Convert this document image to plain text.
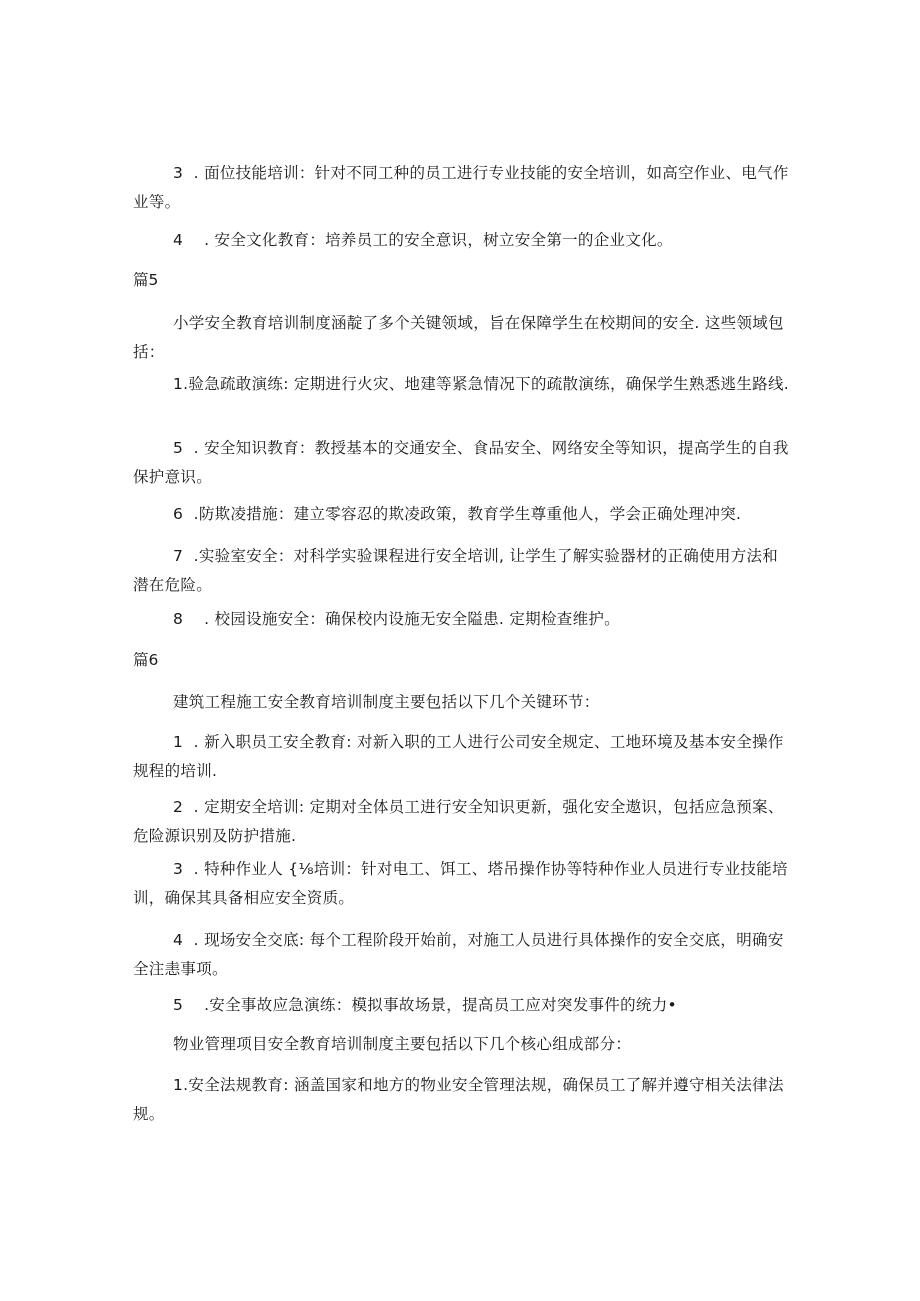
3  . 面位技能培训：针对不同工种的员工进行专业技能的安全培训，如高空作业、电气作业等。

4    . 安全文化教育：培养员工的安全意识，树立安全第一的企业文化。

篇5

小学安全教育培训制度涵靛了多个关键领域，旨在保障学生在校期间的安全. 这些领域包括：

1.验急疏敢演练: 定期进行火灾、地建等紧急情况下的疏散演练，确保学生熟悉逃生路线.

5  . 安全知识教育：教授基本的交通安全、食品安全、网络安全等知识，提高学生的自我保护意识。

6  .防欺凌措施：建立零容忍的欺凌政策，教育学生尊重他人，学会正确处理冲突.

7  .实验室安全：对科学实验课程进行安全培训, 让学生了解实验器材的正确使用方法和潜在危险。

8    . 校园设施安全：确保校内设施无安全隘患. 定期检查维护。

篇6

建筑工程施工安全教育培训制度主要包括以下几个关键环节：

1  . 新入职员工安全教育: 对新入职的工人进行公司安全规定、工地环境及基本安全操作规程的培训.

2  . 定期安全培训: 定期对全体员工进行安全知识更新，强化安全遨识，包括应急预案、危险源识别及防护措施.

3  . 特种作业人 {⅛培训：针对电工、饵工、塔吊操作协等特种作业人员进行专业技能培训，确保其具备相应安全资质。

4  . 现场安全交底: 每个工程阶段开始前，对施工人员进行具体操作的安全交底，明确安全注恚事项。

5    .安全事故应急演练：模拟事故场景，提高员工应对突发事件的统力•

物业管理项目安全教育培训制度主要包括以下几个核心组成部分：

1.安全法规教育: 涵盖国家和地方的物业安全管理法规，确保员工了解并遵守相关法律法规。
